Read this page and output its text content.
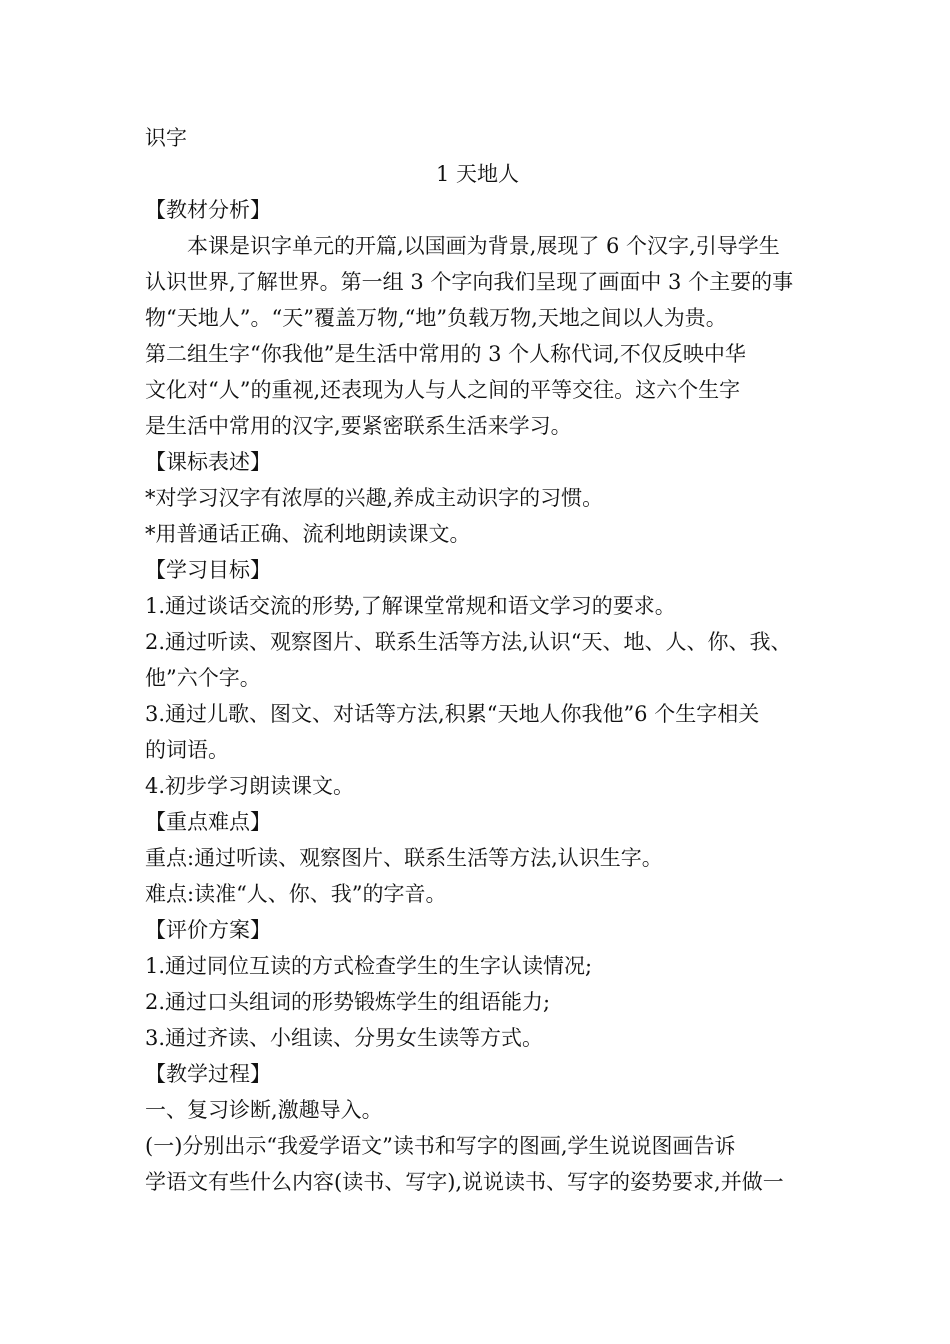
识字
1 天地人
【教材分析】
本课是识字单元的开篇,以国画为背景,展现了 6 个汉字,引导学生
认识世界,了解世界。第一组 3 个字向我们呈现了画面中 3 个主要的事
物“天地人”。“天”覆盖万物,“地”负载万物,天地之间以人为贵。
第二组生字“你我他”是生活中常用的 3 个人称代词,不仅反映中华
文化对“人”的重视,还表现为人与人之间的平等交往。这六个生字
是生活中常用的汉字,要紧密联系生活来学习。
【课标表述】
*对学习汉字有浓厚的兴趣,养成主动识字的习惯。
*用普通话正确、流利地朗读课文。
【学习目标】
1.通过谈话交流的形势,了解课堂常规和语文学习的要求。
2.通过听读、观察图片、联系生活等方法,认识“天、地、人、你、我、
他”六个字。
3.通过儿歌、图文、对话等方法,积累“天地人你我他”6 个生字相关
的词语。
4.初步学习朗读课文。
【重点难点】
重点:通过听读、观察图片、联系生活等方法,认识生字。
难点:读准“人、你、我”的字音。
【评价方案】
1.通过同位互读的方式检查学生的生字认读情况;
2.通过口头组词的形势锻炼学生的组语能力;
3.通过齐读、小组读、分男女生读等方式。
【教学过程】
一、复习诊断,激趣导入。
(一)分别出示“我爱学语文”读书和写字的图画,学生说说图画告诉
学语文有些什么内容(读书、写字),说说读书、写字的姿势要求,并做一
